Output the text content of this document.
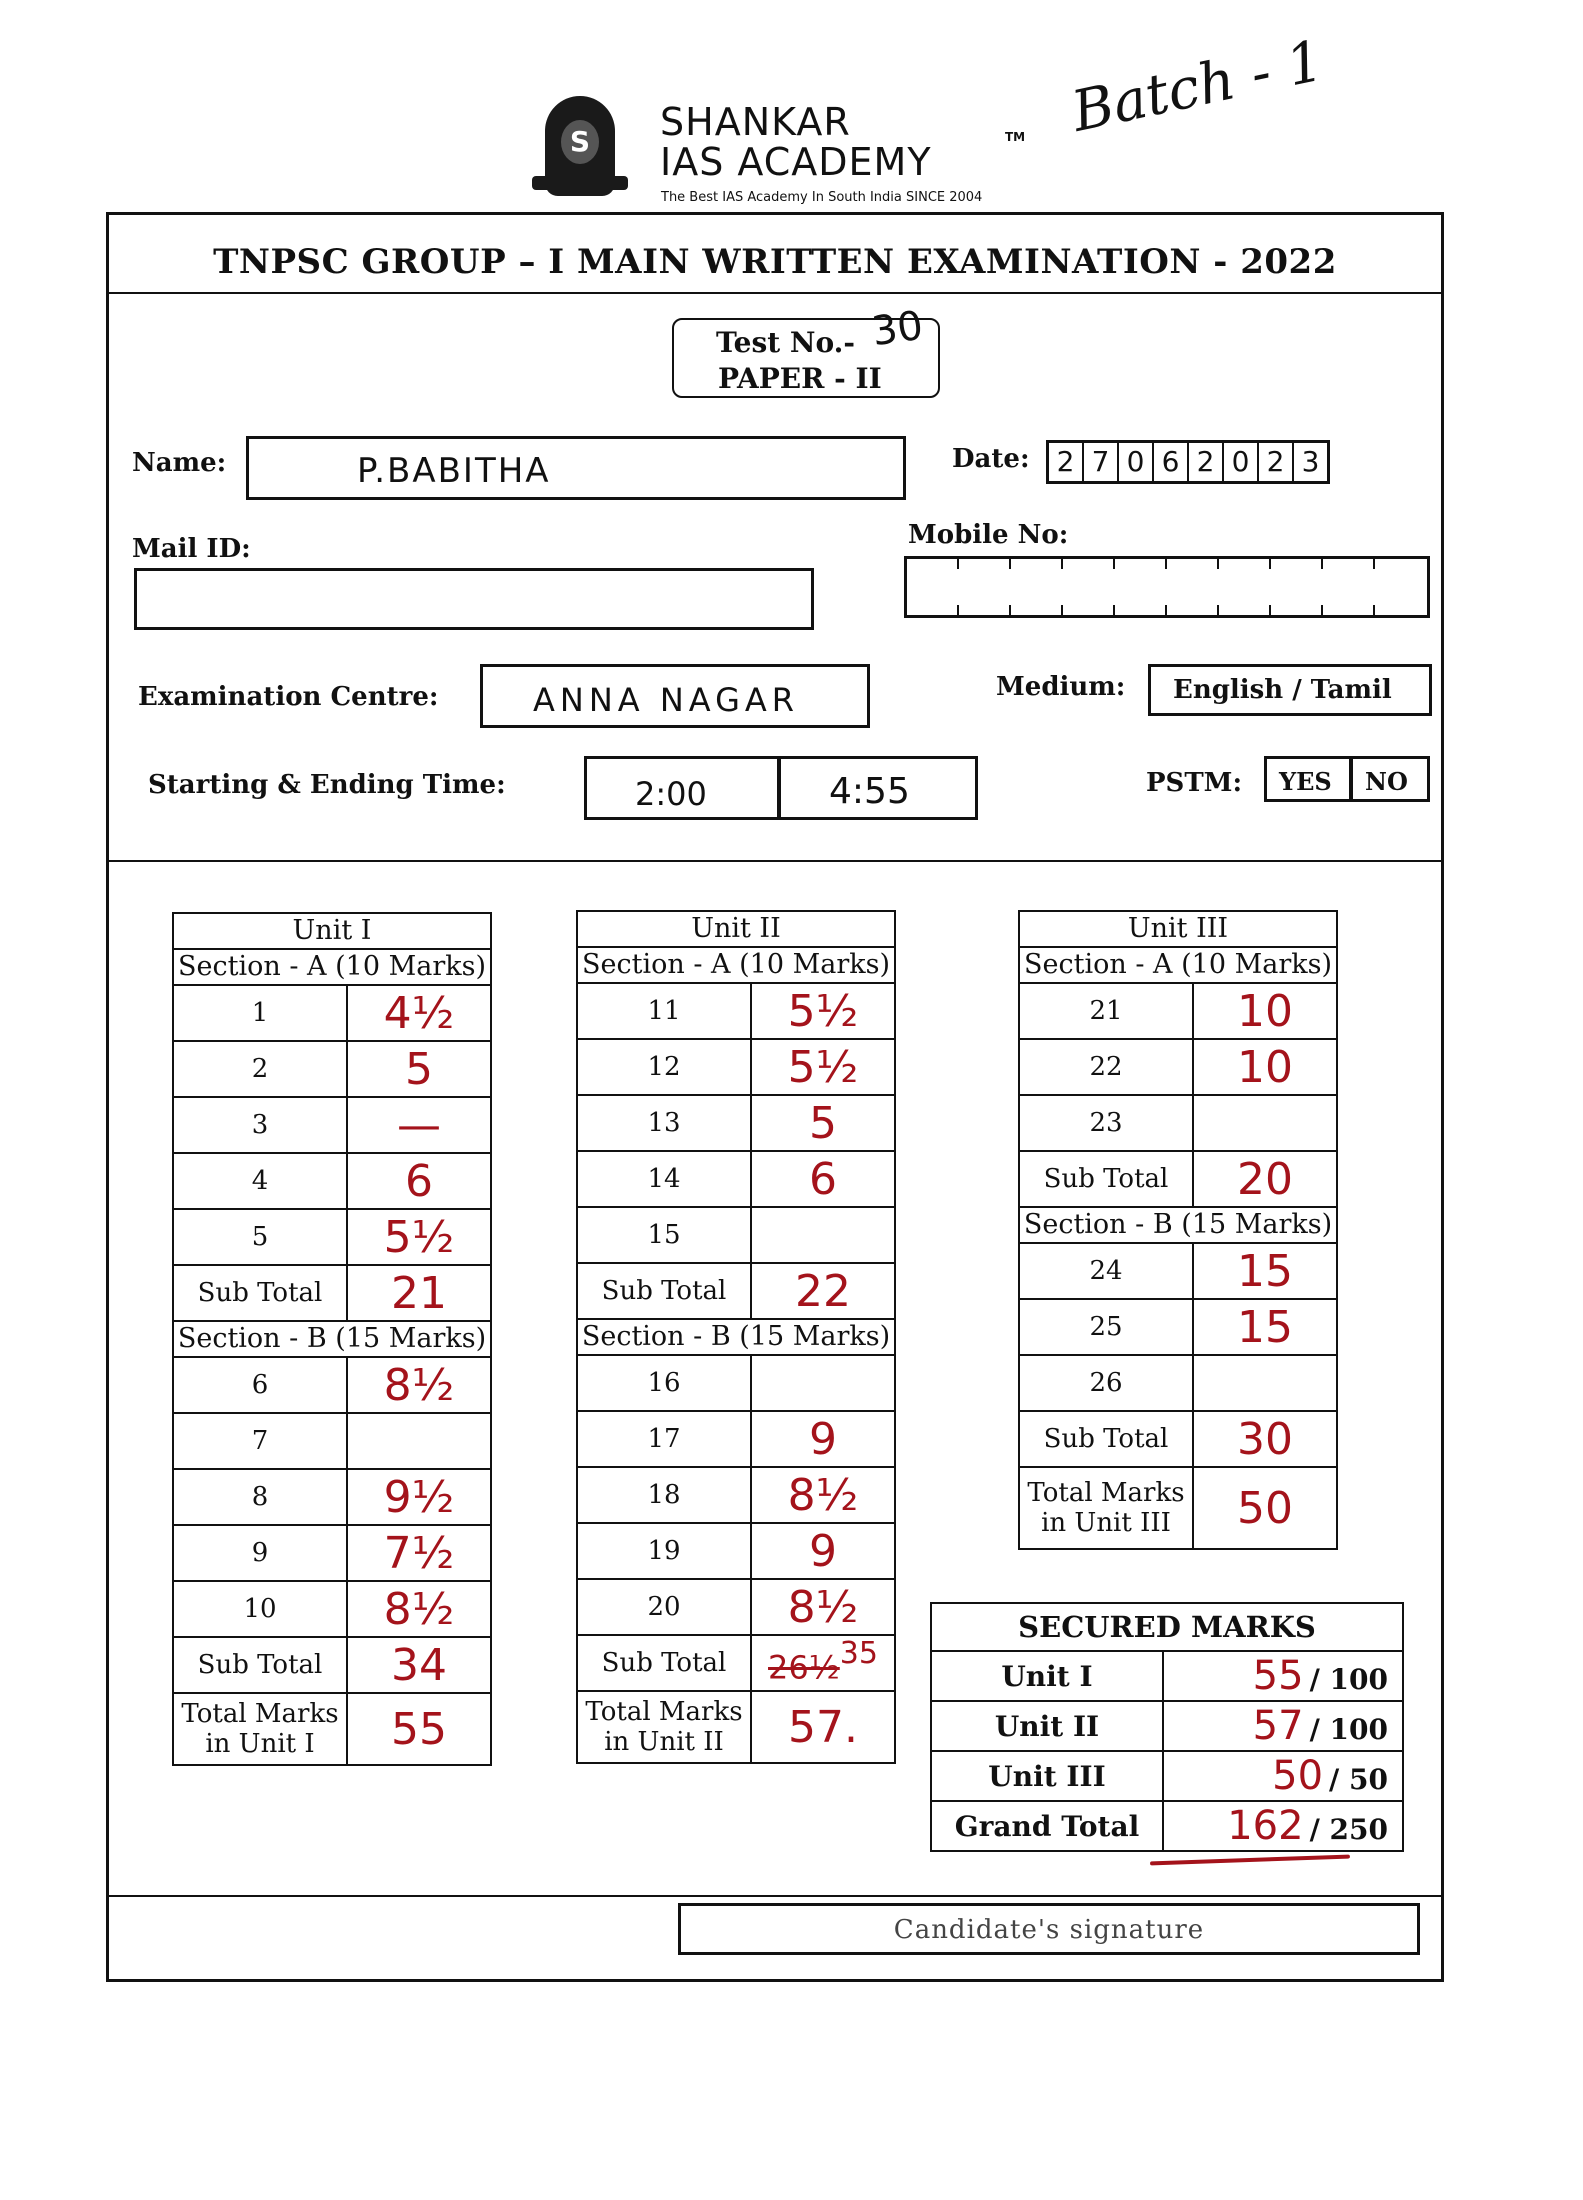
S SHANKAR
IAS ACADEMY
TM
The Best IAS Academy In South India SINCE 2004
Batch - 1
TNPSC GROUP – I MAIN WRITTEN EXAMINATION - 2022
Test No.-
PAPER - II
30
Name:	P.BABITHA	Date: 2 7 0 6 2 0 2 3
Mail ID:	Mobile No:
Examination Centre:	ANNA NAGAR	Medium: English / Tamil
Starting & Ending Time:	2:00	4:55	PSTM: YES NO
Unit I	
Section - A (10 Marks)	
1	4½
2	5
3	—
4	6
5	5½
Sub Total	21
Section - B (15 Marks)	
6	8½
7	
8	9½
9	7½
10	8½
Sub Total	34
Total Marks
in Unit I	55
Unit II	
Section - A (10 Marks)	
11	5½
12	5½
13	5
14	6
15	
Sub Total	22
Section - B (15 Marks)	
16	
17	9
18	8½
19	9
20	8½
Sub Total	26½$^{35}$
Total Marks
in Unit II	57.
Unit III	
Section - A (10 Marks)	
21	10
22	10
23	
Sub Total	20
Section - B (15 Marks)	
24	15
25	15
26	
Sub Total	30
Total Marks
in Unit III	50
SECURED MARKS	
Unit I	55 / 100
Unit II	57 / 100
Unit III	50 / 50
Grand Total	162 / 250
Candidate's signature
